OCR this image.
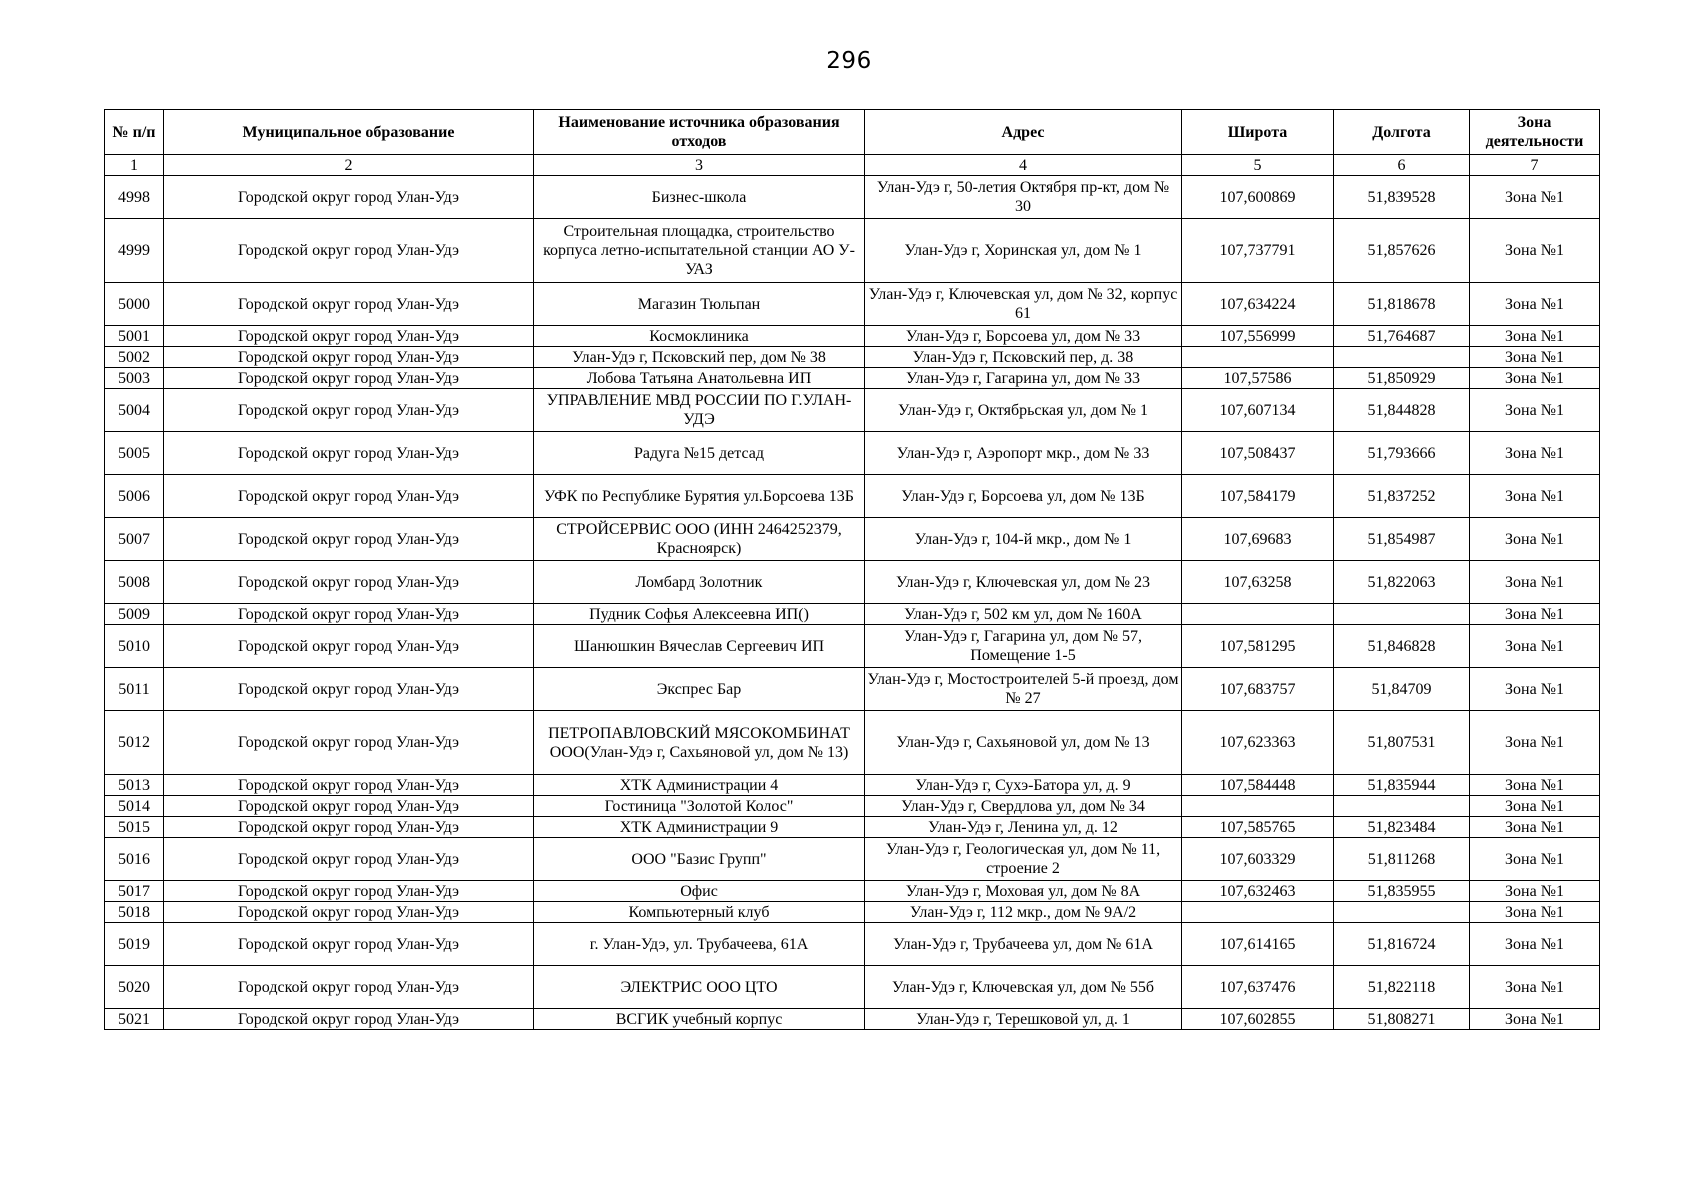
296
№ п/п	Муниципальное образование	Наименование источника образования отходов	Адрес	Широта	Долгота	Зона деятельности
1	2	3	4	5	6	7
4998	Городской округ город Улан-Удэ	Бизнес-школа	Улан-Удэ г, 50-летия Октября пр-кт, дом № 30	107,600869	51,839528	Зона №1
4999	Городской округ город Улан-Удэ	Строительная площадка, строительство корпуса летно-испытательной станции АО У-УАЗ	Улан-Удэ г, Хоринская ул, дом № 1	107,737791	51,857626	Зона №1
5000	Городской округ город Улан-Удэ	Магазин Тюльпан	Улан-Удэ г, Ключевская ул, дом № 32, корпус 61	107,634224	51,818678	Зона №1
5001	Городской округ город Улан-Удэ	Космоклиника	Улан-Удэ г, Борсоева ул, дом № 33	107,556999	51,764687	Зона №1
5002	Городской округ город Улан-Удэ	Улан-Удэ г, Псковский пер, дом № 38	Улан-Удэ г, Псковский пер, д. 38			Зона №1
5003	Городской округ город Улан-Удэ	Лобова Татьяна Анатольевна ИП	Улан-Удэ г, Гагарина ул, дом № 33	107,57586	51,850929	Зона №1
5004	Городской округ город Улан-Удэ	УПРАВЛЕНИЕ МВД РОССИИ ПО Г.УЛАН-УДЭ	Улан-Удэ г, Октябрьская ул, дом № 1	107,607134	51,844828	Зона №1
5005	Городской округ город Улан-Удэ	Радуга №15 детсад	Улан-Удэ г, Аэропорт мкр., дом № 33	107,508437	51,793666	Зона №1
5006	Городской округ город Улан-Удэ	УФК по Республике Бурятия ул.Борсоева 13Б	Улан-Удэ г, Борсоева ул, дом № 13Б	107,584179	51,837252	Зона №1
5007	Городской округ город Улан-Удэ	СТРОЙСЕРВИС ООО (ИНН 2464252379, Красноярск)	Улан-Удэ г, 104-й мкр., дом № 1	107,69683	51,854987	Зона №1
5008	Городской округ город Улан-Удэ	Ломбард Золотник	Улан-Удэ г, Ключевская ул, дом № 23	107,63258	51,822063	Зона №1
5009	Городской округ город Улан-Удэ	Пудник Софья Алексеевна ИП()	Улан-Удэ г, 502 км ул, дом № 160А			Зона №1
5010	Городской округ город Улан-Удэ	Шанюшкин Вячеслав Сергеевич ИП	Улан-Удэ г, Гагарина ул, дом № 57, Помещение 1-5	107,581295	51,846828	Зона №1
5011	Городской округ город Улан-Удэ	Экспрес Бар	Улан-Удэ г, Мостостроителей 5-й проезд, дом № 27	107,683757	51,84709	Зона №1
5012	Городской округ город Улан-Удэ	ПЕТРОПАВЛОВСКИЙ МЯСОКОМБИНАТ ООО(Улан-Удэ г, Сахьяновой ул, дом № 13)	Улан-Удэ г, Сахьяновой ул, дом № 13	107,623363	51,807531	Зона №1
5013	Городской округ город Улан-Удэ	ХТК Администрации 4	Улан-Удэ г, Сухэ-Батора ул, д. 9	107,584448	51,835944	Зона №1
5014	Городской округ город Улан-Удэ	Гостиница "Золотой Колос"	Улан-Удэ г, Свердлова ул, дом № 34			Зона №1
5015	Городской округ город Улан-Удэ	ХТК Администрации 9	Улан-Удэ г, Ленина ул, д. 12	107,585765	51,823484	Зона №1
5016	Городской округ город Улан-Удэ	ООО "Базис Групп"	Улан-Удэ г, Геологическая ул, дом № 11, строение 2	107,603329	51,811268	Зона №1
5017	Городской округ город Улан-Удэ	Офис	Улан-Удэ г, Моховая ул, дом № 8А	107,632463	51,835955	Зона №1
5018	Городской округ город Улан-Удэ	Компьютерный клуб	Улан-Удэ г, 112 мкр., дом № 9А/2			Зона №1
5019	Городской округ город Улан-Удэ	г. Улан-Удэ, ул. Трубачеева, 61А	Улан-Удэ г, Трубачеева ул, дом № 61А	107,614165	51,816724	Зона №1
5020	Городской округ город Улан-Удэ	ЭЛЕКТРИС ООО ЦТО	Улан-Удэ г, Ключевская ул, дом № 55б	107,637476	51,822118	Зона №1
5021	Городской округ город Улан-Удэ	ВСГИК учебный корпус	Улан-Удэ г, Терешковой ул, д. 1	107,602855	51,808271	Зона №1
